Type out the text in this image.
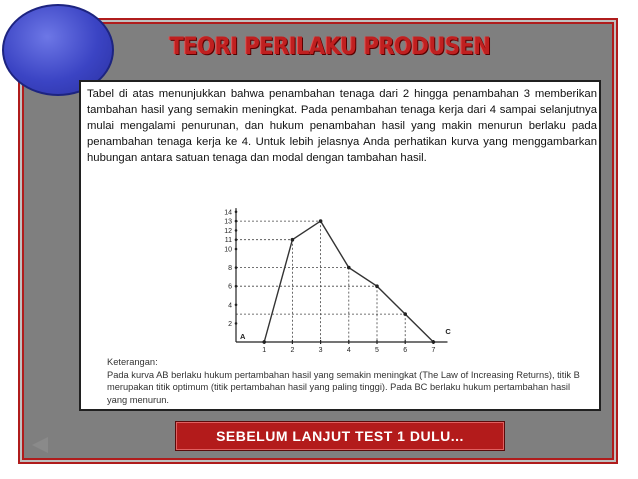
TEORI PERILAKU PRODUSEN
Tabel di atas menunjukkan bahwa penambahan tenaga dari 2 hingga penambahan 3 memberikan tambahan hasil yang semakin meningkat. Pada penambahan tenaga kerja dari 4 sampai selanjutnya mulai mengalami penurunan, dan hukum penambahan hasil yang makin menurun berlaku pada penambahan tenaga kerja ke 4. Untuk lebih jelasnya Anda perhatikan kurva yang menggambarkan hubungan antara satuan tenaga dan modal dengan tambahan hasil.
1	2	3	4	5	6	7
2
4
6
8
10
11
12
13
14
A
C
Keterangan:
Pada kurva AB berlaku hukum pertambahan hasil yang semakin meningkat (The Law of Increasing Returns), titik B merupakan titik optimum (titik pertambahan hasil yang paling tinggi). Pada BC berlaku hukum pertambahan hasil yang menurun.
SEBELUM LANJUT TEST 1 DULU...
